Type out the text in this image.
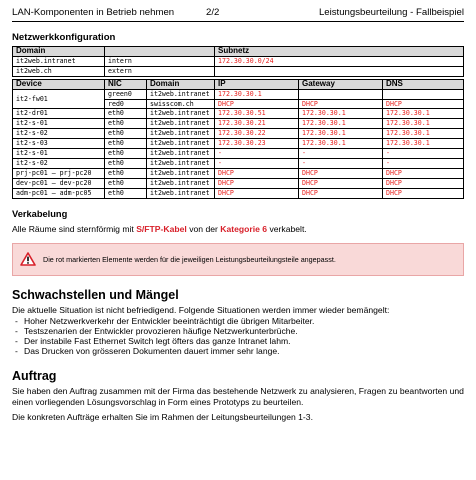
LAN-Komponenten in Betrieb nehmen	2/2	Leistungsbeurteilung - Fallbeispiel
Netzwerkkonfiguration
Domain		Subnetz
it2web.intranet	intern	172.30.30.0/24
it2web.ch	extern	
Device	NIC	Domain	IP	Gateway	DNS
it2-fw01	green0	it2web.intranet	172.30.30.1		
	red0	swisscom.ch	DHCP	DHCP	DHCP
it2-dr01	eth0	it2web.intranet	172.30.30.51	172.30.30.1	172.30.30.1
it2-s-01	eth0	it2web.intranet	172.30.30.21	172.30.30.1	172.30.30.1
it2-s-02	eth0	it2web.intranet	172.30.30.22	172.30.30.1	172.30.30.1
it2-s-03	eth0	it2web.intranet	172.30.30.23	172.30.30.1	172.30.30.1
it2-s-01	eth0	it2web.intranet	-	-	-
it2-s-02	eth0	it2web.intranet	-	-	-
prj-pc01 – prj-pc20	eth0	it2web.intranet	DHCP	DHCP	DHCP
dev-pc01 – dev-pc20	eth0	it2web.intranet	DHCP	DHCP	DHCP
adm-pc01 – adm-pc05	eth0	it2web.intranet	DHCP	DHCP	DHCP
Verkabelung

Alle Räume sind sternförmig mit S/FTP-Kabel von der Kategorie 6 verkabelt.

Die rot markierten Elemente werden für die jeweiligen Leistungsbeurteilungsteile angepasst.
Schwachstellen und Mängel

Die aktuelle Situation ist nicht befriedigend. Folgende Situationen werden immer wieder bemängelt:

- Hoher Netzwerkverkehr der Entwickler beeinträchtigt die übrigen Mitarbeiter.
- Testszenarien der Entwickler provozieren häufige Netzwerkunterbrüche.
- Der instabile Fast Ethernet Switch legt öfters das ganze Intranet lahm.
- Das Drucken von grösseren Dokumenten dauert immer sehr lange.
Auftrag

Sie haben den Auftrag zusammen mit der Firma das bestehende Netzwerk zu analysieren, Fragen zu beantworten und einen vorliegenden Lösungsvorschlag in Form eines Prototyps zu beurteilen.

Die konkreten Aufträge erhalten Sie im Rahmen der Leitungsbeurteilungen 1-3.
